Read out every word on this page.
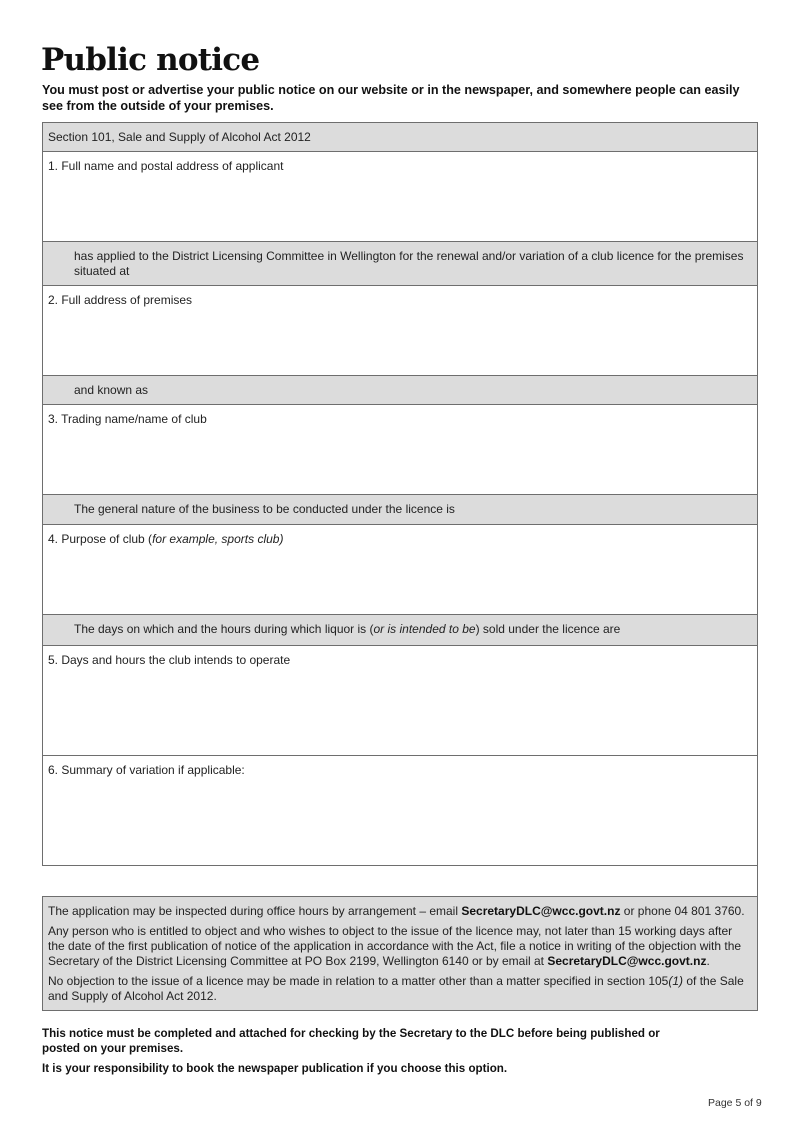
Public notice
You must post or advertise your public notice on our website or in the newspaper, and somewhere people can easily see from the outside of your premises.
Section 101, Sale and Supply of Alcohol Act 2012
1. Full name and postal address of applicant
has applied to the District Licensing Committee in Wellington for the renewal and/or variation of a club licence for the premises situated at
2. Full address of premises
and known as
3. Trading name/name of club
The general nature of the business to be conducted under the licence is
4. Purpose of club (for example, sports club)
The days on which and the hours during which liquor is (or is intended to be) sold under the licence are
5. Days and hours the club intends to operate
6. Summary of variation if applicable:

The application may be inspected during office hours by arrangement – email SecretaryDLC@wcc.govt.nz or phone 04 801 3760.

Any person who is entitled to object and who wishes to object to the issue of the licence may, not later than 15 working days after the date of the first publication of notice of the application in accordance with the Act, file a notice in writing of the objection with the Secretary of the District Licensing Committee at PO Box 2199, Wellington 6140 or by email at SecretaryDLC@wcc.govt.nz.

No objection to the issue of a licence may be made in relation to a matter other than a matter specified in section 105(1) of the Sale and Supply of Alcohol Act 2012.

This notice must be completed and attached for checking by the Secretary to the DLC before being published or posted on your premises.

It is your responsibility to book the newspaper publication if you choose this option.

Page 5 of 9
